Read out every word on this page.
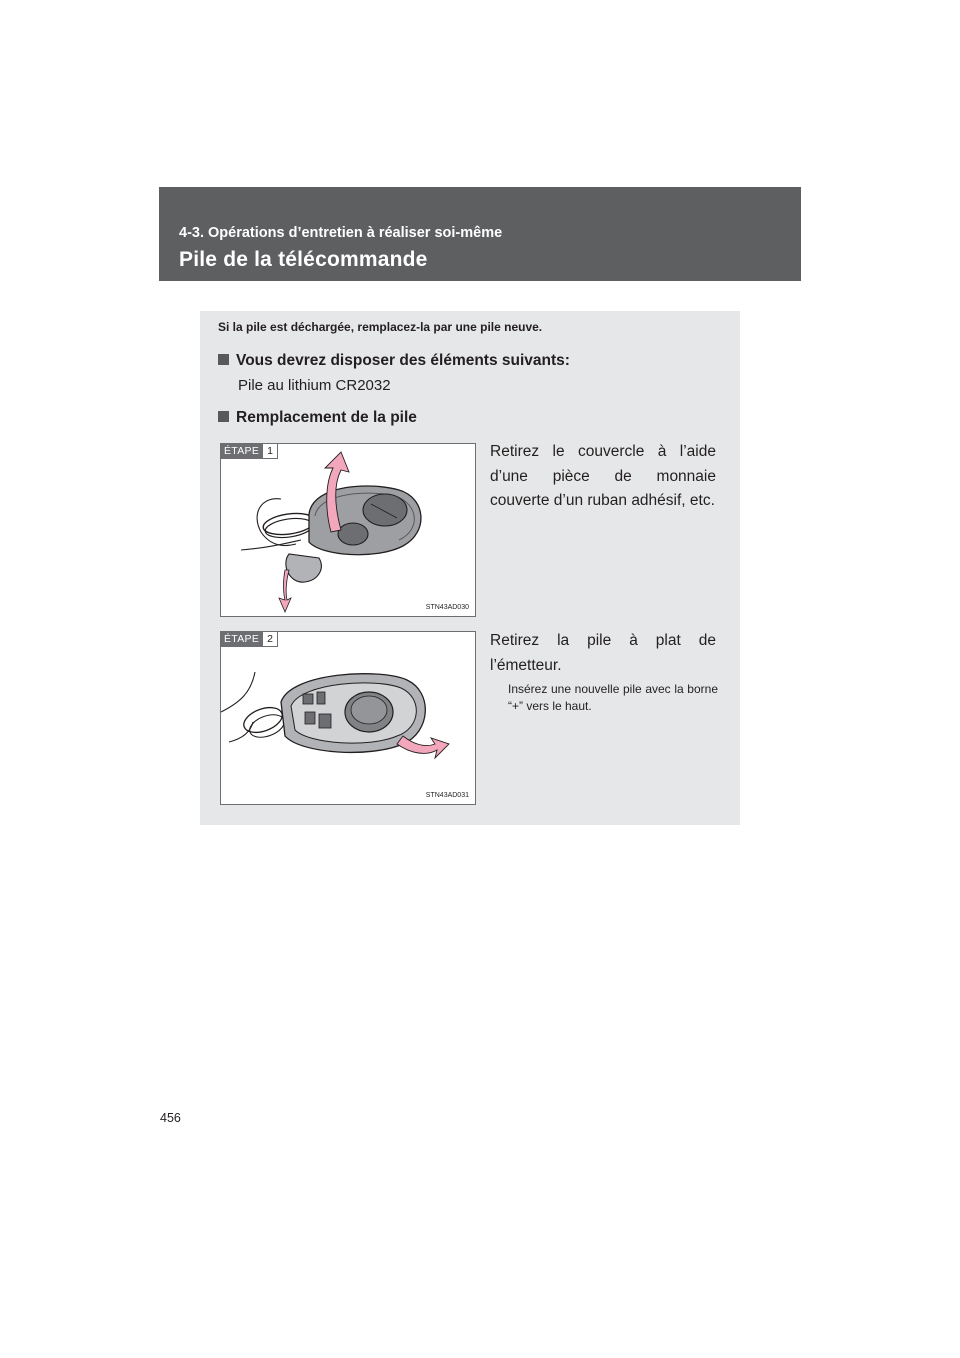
4-3. Opérations d’entretien à réaliser soi-même
Pile de la télécommande
Si la pile est déchargée, remplacez-la par une pile neuve.
Vous devrez disposer des éléments suivants:
Pile au lithium CR2032
Remplacement de la pile
ÉTAPE 1
STN43AD030
Retirez le couvercle à l’aide d’une pièce de monnaie couverte d’un ruban adhésif, etc.
ÉTAPE 2
STN43AD031
Retirez la pile à plat de l’émetteur.
Insérez une nouvelle pile avec la borne “+” vers le haut.
456
